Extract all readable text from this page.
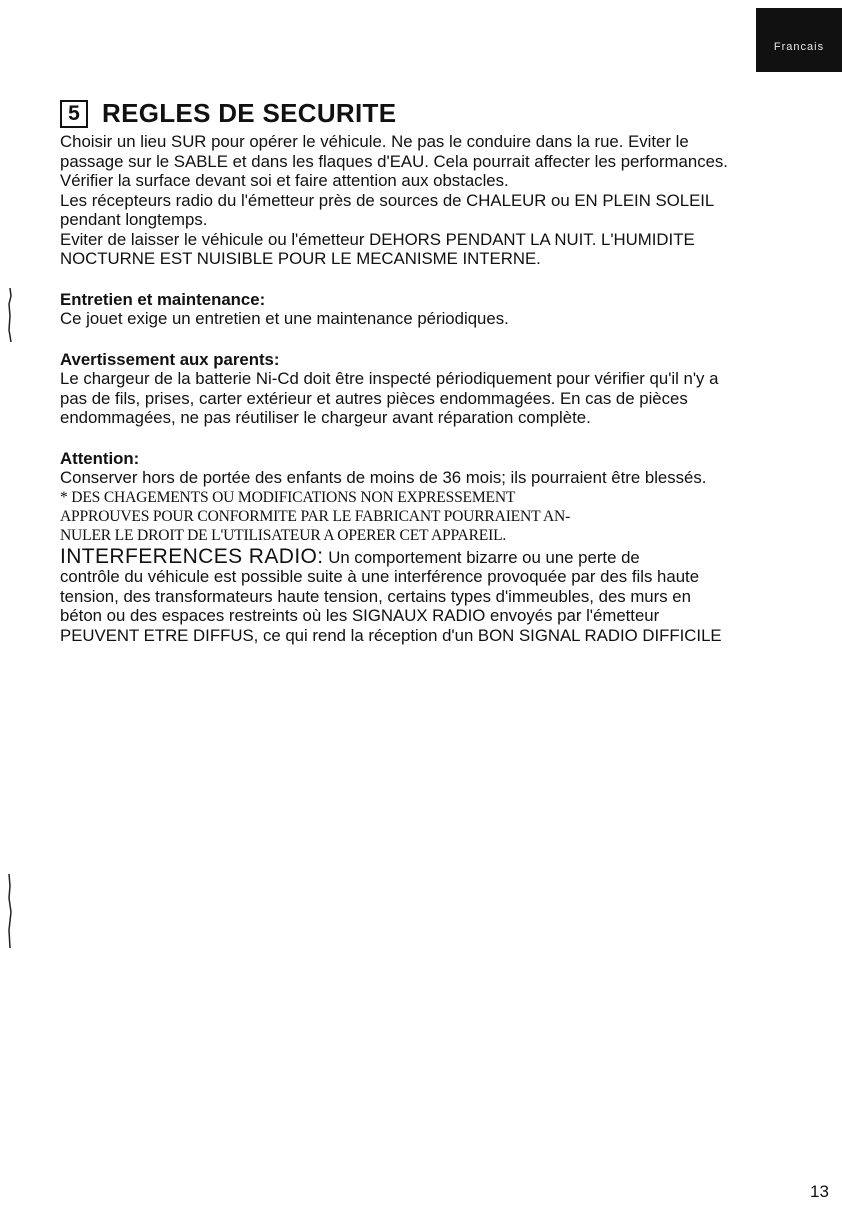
Francais
5 REGLES DE SECURITE

Choisir un lieu SUR pour opérer le véhicule. Ne pas le conduire dans la rue. Eviter le

passage sur le SABLE et dans les flaques d'EAU. Cela pourrait affecter les performances.

Vérifier la surface devant soi et faire attention aux obstacles.

Les récepteurs radio du l'émetteur près de sources de CHALEUR ou EN PLEIN SOLEIL

pendant longtemps.

Eviter de laisser le véhicule ou l'émetteur DEHORS PENDANT LA NUIT. L'HUMIDITE

NOCTURNE EST NUISIBLE POUR LE MECANISME INTERNE.

Entretien et maintenance:

Ce jouet exige un entretien et une maintenance périodiques.

Avertissement aux parents:

Le chargeur de la batterie Ni-Cd doit être inspecté périodiquement pour vérifier qu'il n'y a

pas de fils, prises, carter extérieur et autres pièces endommagées. En cas de pièces

endommagées, ne pas réutiliser le chargeur avant réparation complète.

Attention:

Conserver hors de portée des enfants de moins de 36 mois; ils pourraient être blessés.

* DES CHAGEMENTS OU MODIFICATIONS NON EXPRESSEMENT

APPROUVES POUR CONFORMITE PAR LE FABRICANT POURRAIENT AN-

NULER LE DROIT DE L'UTILISATEUR A OPERER CET APPAREIL.

INTERFERENCES RADIO: Un comportement bizarre ou une perte de

contrôle du véhicule est possible suite à une interférence provoquée par des fils haute

tension, des transformateurs haute tension, certains types d'immeubles, des murs en

béton ou des espaces restreints où les SIGNAUX RADIO envoyés par l'émetteur

PEUVENT ETRE DIFFUS, ce qui rend la réception d'un BON SIGNAL RADIO DIFFICILE

13
